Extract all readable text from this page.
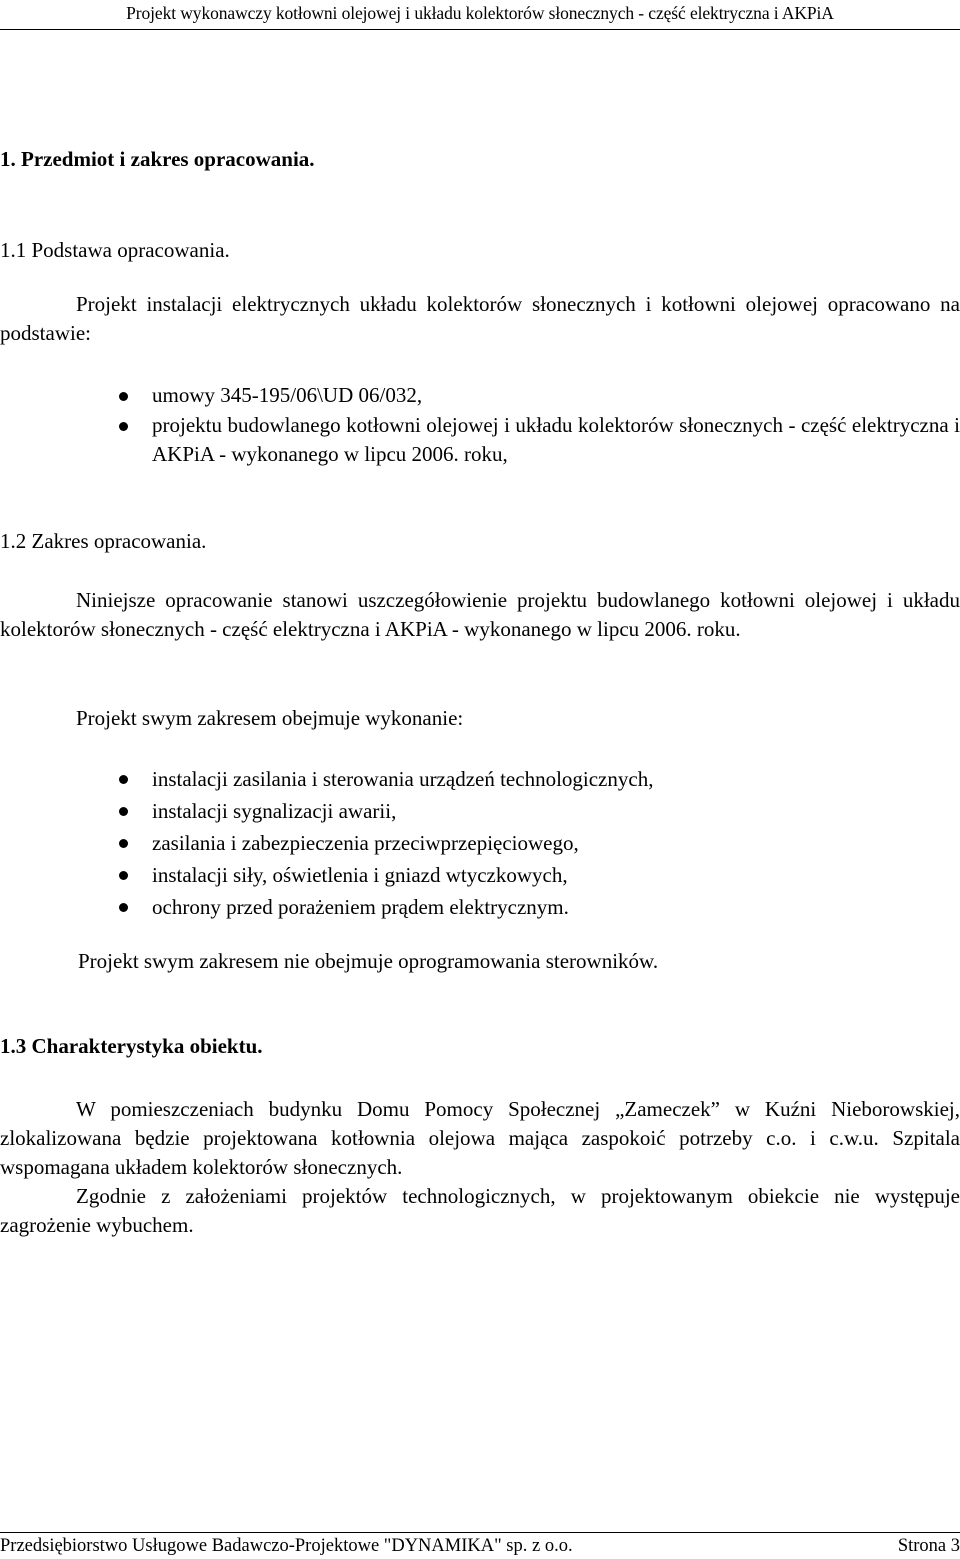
Projekt wykonawczy kotłowni olejowej i układu kolektorów słonecznych - część elektryczna i AKPiA
1. Przedmiot i zakres opracowania.
1.1 Podstawa opracowania.
Projekt instalacji elektrycznych układu kolektorów słonecznych i kotłowni olejowej opracowano na podstawie:
umowy 345-195/06\UD 06/032,
projektu budowlanego kotłowni olejowej i układu kolektorów słonecznych - część elektryczna i AKPiA - wykonanego w lipcu 2006. roku,
1.2 Zakres opracowania.
Niniejsze opracowanie stanowi uszczegółowienie projektu budowlanego kotłowni olejowej i układu kolektorów słonecznych - część elektryczna i AKPiA - wykonanego w lipcu 2006. roku.
Projekt swym zakresem obejmuje wykonanie:
instalacji zasilania i sterowania urządzeń technologicznych,
instalacji sygnalizacji awarii,
zasilania i zabezpieczenia przeciwprzepięciowego,
instalacji siły, oświetlenia i gniazd wtyczkowych,
ochrony przed porażeniem prądem elektrycznym.
Projekt swym zakresem nie obejmuje oprogramowania sterowników.
1.3 Charakterystyka obiektu.
W pomieszczeniach budynku Domu Pomocy Społecznej „Zameczek” w Kuźni Nieborowskiej, zlokalizowana będzie projektowana kotłownia olejowa mająca zaspokoić potrzeby c.o. i c.w.u. Szpitala wspomagana układem kolektorów słonecznych.
Zgodnie z założeniami projektów technologicznych, w projektowanym obiekcie nie występuje zagrożenie wybuchem.
Przedsiębiorstwo Usługowe Badawczo-Projektowe "DYNAMIKA" sp. z o.o.	Strona 3
